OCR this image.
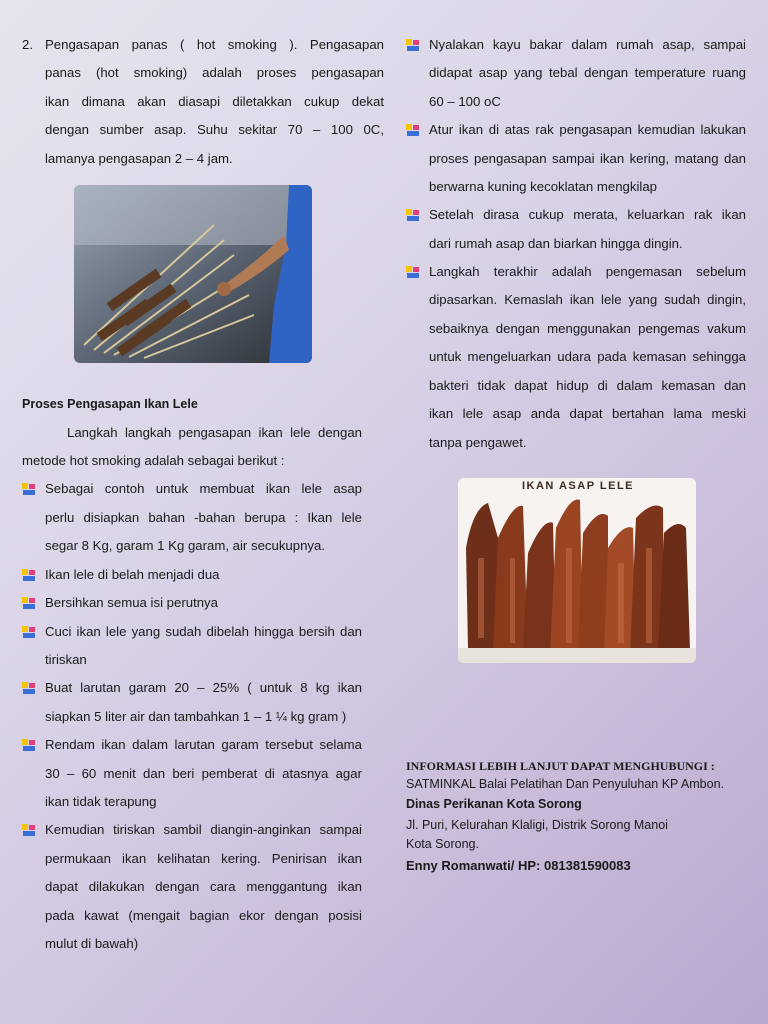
2. Pengasapan panas ( hot smoking ). Pengasapan
panas (hot smoking) adalah proses pengasapan
ikan dimana akan diasapi diletakkan cukup dekat
dengan sumber asap. Suhu sekitar 70 – 100 0C,
lamanya pengasapan 2 – 4 jam.
Proses Pengasapan Ikan Lele
Langkah langkah pengasapan ikan lele dengan
metode hot smoking adalah sebagai berikut :
Sebagai contoh untuk membuat ikan lele asap
perlu disiapkan bahan -bahan berupa : Ikan lele
segar 8 Kg, garam 1 Kg garam, air secukupnya.
Ikan lele di belah menjadi dua
Bersihkan semua isi perutnya
Cuci ikan lele yang sudah dibelah hingga bersih dan
tiriskan
Buat larutan garam 20 – 25% ( untuk 8 kg ikan
siapkan 5 liter air dan tambahkan 1 – 1 ¼ kg gram )
Rendam ikan dalam larutan garam tersebut selama
30 – 60 menit dan beri pemberat di atasnya agar
ikan tidak terapung
Kemudian tiriskan sambil diangin-anginkan sampai
permukaan ikan kelihatan kering. Penirisan ikan
dapat dilakukan dengan cara menggantung ikan
pada kawat (mengait bagian ekor dengan posisi
mulut di bawah)
Nyalakan kayu bakar dalam rumah asap, sampai
didapat asap yang tebal dengan temperature ruang
60 – 100 oC
Atur ikan di atas rak pengasapan kemudian lakukan
proses pengasapan sampai ikan kering, matang dan
berwarna kuning kecoklatan mengkilap
Setelah dirasa cukup merata, keluarkan rak ikan
dari rumah asap dan biarkan hingga dingin.
Langkah terakhir adalah pengemasan sebelum
dipasarkan. Kemaslah ikan lele yang sudah dingin,
sebaiknya dengan menggunakan pengemas vakum
untuk mengeluarkan udara pada kemasan sehingga
bakteri tidak dapat hidup di dalam kemasan dan
ikan lele asap anda dapat bertahan lama meski
tanpa pengawet.
IKAN ASAP LELE
INFORMASI LEBIH LANJUT DAPAT MENGHUBUNGI :
SATMINKAL Balai Pelatihan Dan Penyuluhan KP Ambon.
Dinas Perikanan Kota Sorong
Jl. Puri, Kelurahan Klaligi, Distrik Sorong Manoi
Kota Sorong.
Enny Romanwati/ HP: 081381590083
